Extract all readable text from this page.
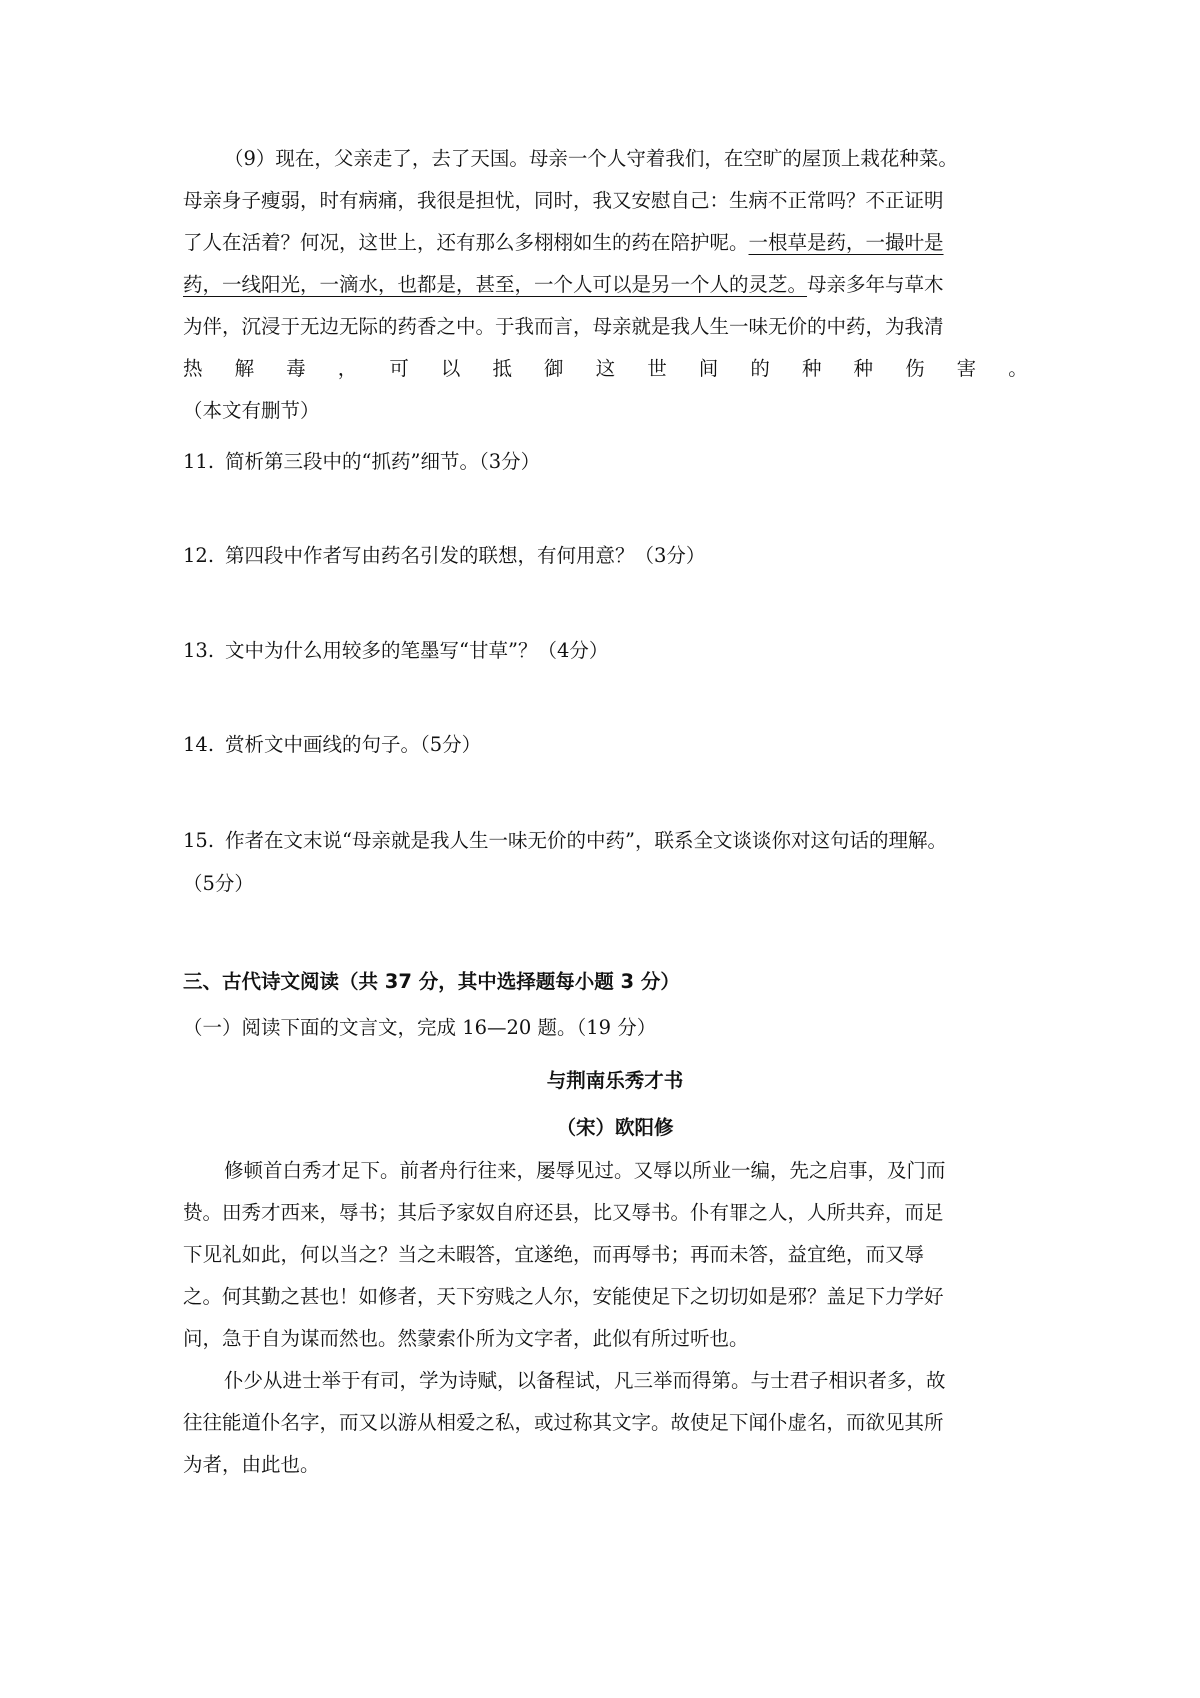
（9）现在，父亲走了，去了天国。母亲一个人守着我们，在空旷的屋顶上栽花种菜。
母亲身子瘦弱，时有病痛，我很是担忧，同时，我又安慰自己：生病不正常吗？不正证明
了人在活着？何况，这世上，还有那么多栩栩如生的药在陪护呢。一根草是药，一撮叶是
药，一线阳光，一滴水，也都是，甚至，一个人可以是另一个人的灵芝。母亲多年与草木
为伴，沉浸于无边无际的药香之中。于我而言，母亲就是我人生一味无价的中药，为我清
热 解 毒 ， 可 以 抵 御 这 世 间 的 种 种 伤 害 。
（本文有删节）
11. 简析第三段中的“抓药”细节。（3分）
12. 第四段中作者写由药名引发的联想，有何用意？（3分）
13. 文中为什么用较多的笔墨写“甘草”？（4分）
14. 赏析文中画线的句子。（5分）
15. 作者在文末说“母亲就是我人生一味无价的中药”，联系全文谈谈你对这句话的理解。
（5分）
三、古代诗文阅读（共 37 分，其中选择题每小题 3 分）
（一）阅读下面的文言文，完成 16—20 题。（19 分）
与荆南乐秀才书
（宋）欧阳修
修顿首白秀才足下。前者舟行往来，屡辱见过。又辱以所业一编，先之启事，及门而
贽。田秀才西来，辱书；其后予家奴自府还县，比又辱书。仆有罪之人，人所共弃，而足
下见礼如此，何以当之？当之未暇答，宜遂绝，而再辱书；再而未答，益宜绝，而又辱
之。何其勤之甚也！如修者，天下穷贱之人尔，安能使足下之切切如是邪？盖足下力学好
问，急于自为谋而然也。然蒙索仆所为文字者，此似有所过听也。
仆少从进士举于有司，学为诗赋，以备程试，凡三举而得第。与士君子相识者多，故
往往能道仆名字，而又以游从相爱之私，或过称其文字。故使足下闻仆虚名，而欲见其所
为者，由此也。
